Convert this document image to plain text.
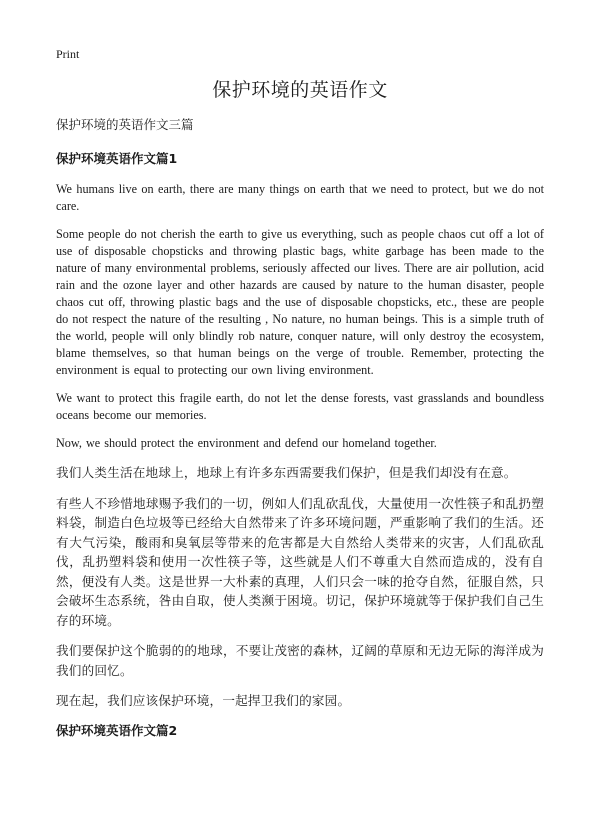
Print
保护环境的英语作文
保护环境的英语作文三篇
保护环境英语作文篇1

We humans live on earth, there are many things on earth that we need to protect, but we do not care.

Some people do not cherish the earth to give us everything, such as people chaos cut off a lot of use of disposable chopsticks and throwing plastic bags, white garbage has been made to the nature of many environmental problems, seriously affected our lives. There are air pollution, acid rain and the ozone layer and other hazards are caused by nature to the human disaster, people chaos cut off, throwing plastic bags and the use of disposable chopsticks, etc., these are people do not respect the nature of the resulting , No nature, no human beings. This is a simple truth of the world, people will only blindly rob nature, conquer nature, will only destroy the ecosystem, blame themselves, so that human beings on the verge of trouble. Remember, protecting the environment is equal to protecting our own living environment.

We want to protect this fragile earth, do not let the dense forests, vast grasslands and boundless oceans become our memories.

Now, we should protect the environment and defend our homeland together.

我们人类生活在地球上，地球上有许多东西需要我们保护，但是我们却没有在意。

有些人不珍惜地球赐予我们的一切，例如人们乱砍乱伐，大量使用一次性筷子和乱扔塑料袋，制造白色垃圾等已经给大自然带来了许多环境问题，严重影响了我们的生活。还有大气污染，酸雨和臭氧层等带来的危害都是大自然给人类带来的灾害，人们乱砍乱伐，乱扔塑料袋和使用一次性筷子等，这些就是人们不尊重大自然而造成的，没有自然，便没有人类。这是世界一大朴素的真理，人们只会一味的抢夺自然，征服自然，只会破坏生态系统，咎由自取，使人类濒于困境。切记，保护环境就等于保护我们自己生存的环境。

我们要保护这个脆弱的的地球，不要让茂密的森林，辽阔的草原和无边无际的海洋成为我们的回忆。

现在起，我们应该保护环境，一起捍卫我们的家园。

保护环境英语作文篇2
